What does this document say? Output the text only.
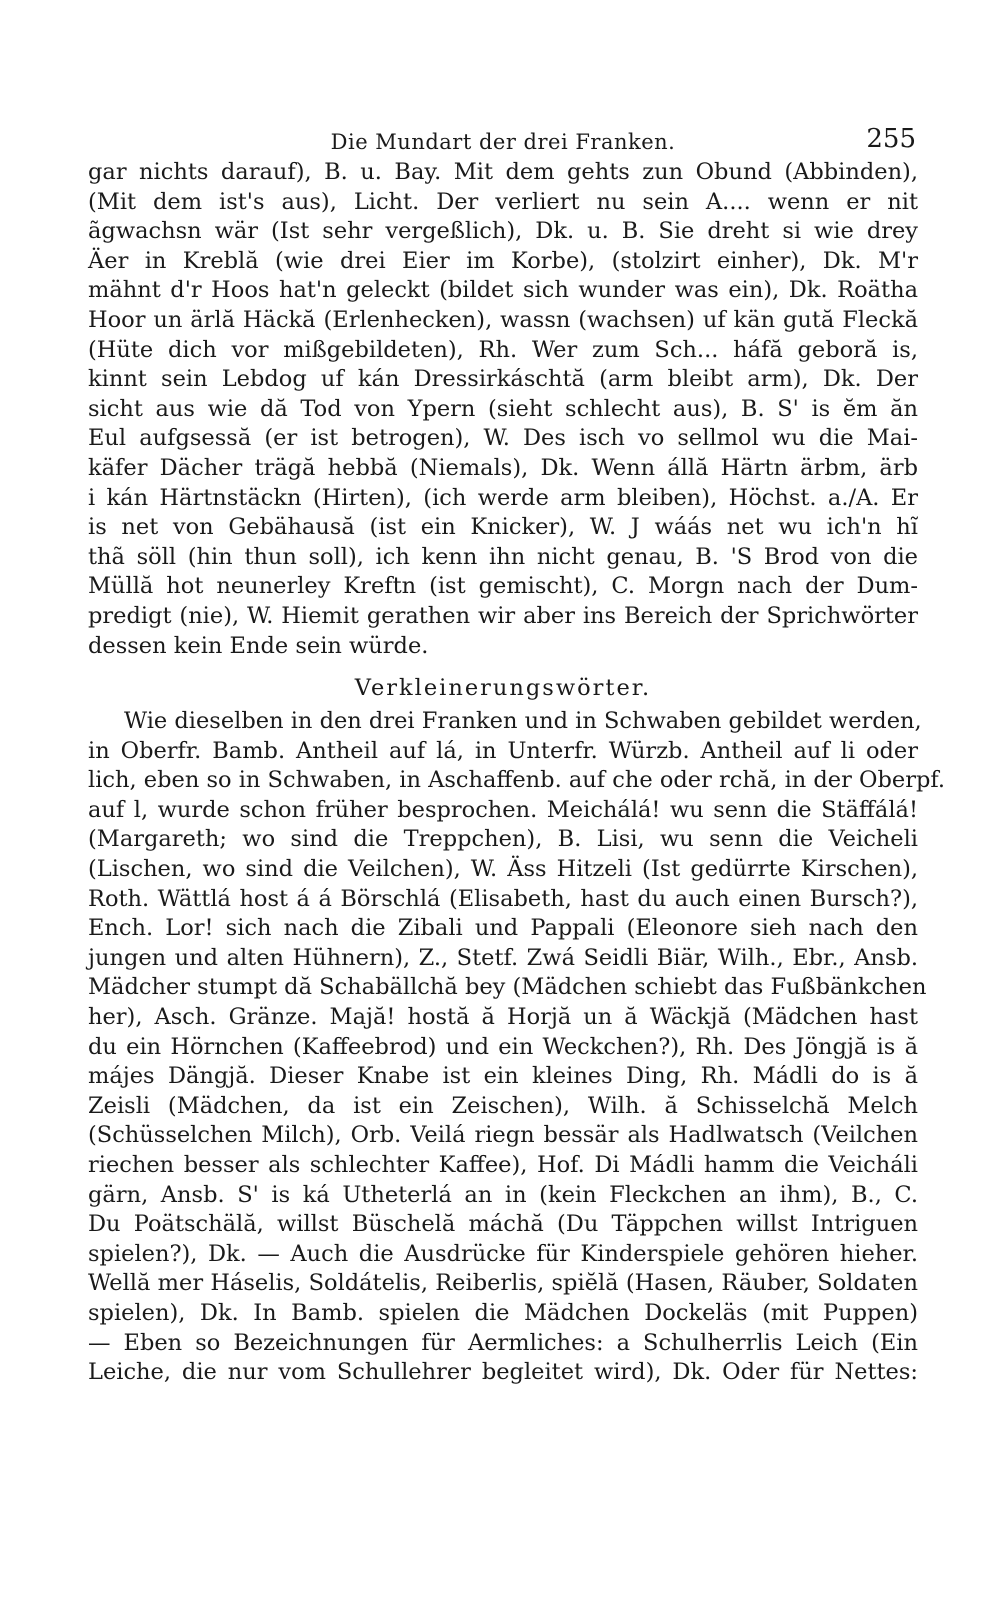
Die Mundart der drei Franken.	255
gar nichts darauf), B. u. Bay. Mit dem gehts zun Obund (Abbinden),
(Mit dem ist's aus), Licht. Der verliert nu sein A.... wenn er nit
ãgwachsn wär (Ist sehr vergeßlich), Dk. u. B. Sie dreht si wie drey
Äer in Kreblă (wie drei Eier im Korbe), (stolzirt einher), Dk. M'r
mähnt d'r Hoos hat'n geleckt (bildet sich wunder was ein), Dk. Roätha
Hoor un ärlă Häckă (Erlenhecken), wassn (wachsen) uf kän gută Fleckă
(Hüte dich vor mißgebildeten), Rh. Wer zum Sch... háfă geboră is,
kinnt sein Lebdog uf kán Dressirkáschtă (arm bleibt arm), Dk. Der
sicht aus wie dă Tod von Ypern (sieht schlecht aus), B. S' is ĕm ăn
Eul aufgsessă (er ist betrogen), W. Des isch vo sellmol wu die Mai-
käfer Dächer trägă hebbă (Niemals), Dk. Wenn állă Härtn ärbm, ärb
i kán Härtnstäckn (Hirten), (ich werde arm bleiben), Höchst. a./A. Er
is net von Gebähausă (ist ein Knicker), W. J wáás net wu ich'n hĩ
thã söll (hin thun soll), ich kenn ihn nicht genau, B. 'S Brod von die
Müllă hot neunerley Kreftn (ist gemischt), C. Morgn nach der Dum-
predigt (nie), W. Hiemit gerathen wir aber ins Bereich der Sprichwörter
dessen kein Ende sein würde.
Verkleinerungswörter.
Wie dieselben in den drei Franken und in Schwaben gebildet werden,
in Oberfr. Bamb. Antheil auf lá, in Unterfr. Würzb. Antheil auf li oder
lich, eben so in Schwaben, in Aschaffenb. auf che oder rchă, in der Oberpf.
auf l, wurde schon früher besprochen. Meichálá! wu senn die Stäffálá!
(Margareth; wo sind die Treppchen), B. Lisi, wu senn die Veicheli
(Lischen, wo sind die Veilchen), W. Äss Hitzeli (Ist gedürrte Kirschen),
Roth. Wättlá host á á Börschlá (Elisabeth, hast du auch einen Bursch?),
Ench. Lor! sich nach die Zibali und Pappali (Eleonore sieh nach den
jungen und alten Hühnern), Z., Stetf. Zwá Seidli Biär, Wilh., Ebr., Ansb.
Mädcher stumpt dă Schabällchă bey (Mädchen schiebt das Fußbänkchen
her), Asch. Gränze. Majă! hostă ă Horjă un ă Wäckjă (Mädchen hast
du ein Hörnchen (Kaffeebrod) und ein Weckchen?), Rh. Des Jöngjă is ă
májes Dängjă. Dieser Knabe ist ein kleines Ding, Rh. Mádli do is ă
Zeisli (Mädchen, da ist ein Zeischen), Wilh. ă Schisselchă Melch
(Schüsselchen Milch), Orb. Veilá riegn bessär als Hadlwatsch (Veilchen
riechen besser als schlechter Kaffee), Hof. Di Mádli hamm die Veicháli
gärn, Ansb. S' is ká Utheterlá an in (kein Fleckchen an ihm), B., C.
Du Poätschälă, willst Büschelă máchă (Du Täppchen willst Intriguen
spielen?), Dk. — Auch die Ausdrücke für Kinderspiele gehören hieher.
Wellă mer Háselis, Soldátelis, Reiberlis, spiĕlă (Hasen, Räuber, Soldaten
spielen), Dk. In Bamb. spielen die Mädchen Dockeläs (mit Puppen)
— Eben so Bezeichnungen für Aermliches: a Schulherrlis Leich (Ein
Leiche, die nur vom Schullehrer begleitet wird), Dk. Oder für Nettes:
